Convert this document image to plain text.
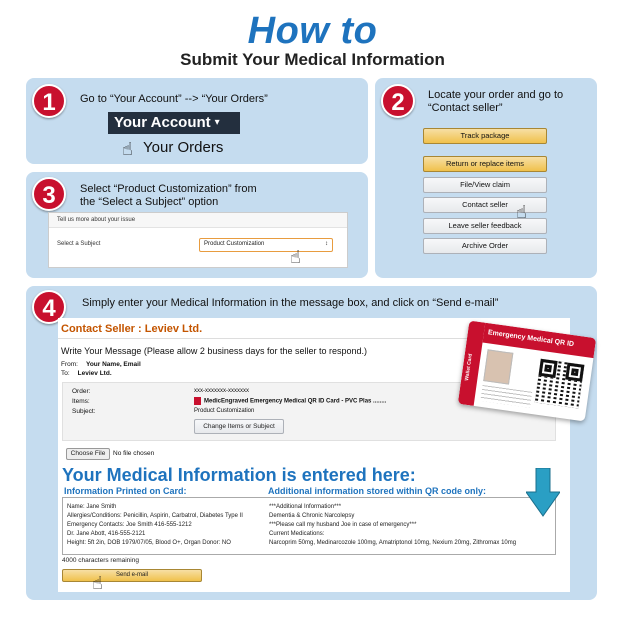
How to
Submit Your Medical Information
1	Go to “Your Account” --> “Your Orders”
Your Account ▾
☝ Your Orders
3	Select “Product Customization” from
the “Select a Subject” option
Tell us more about your issue
Select a Subject	Product Customization	↕
☝
2	Locate your order and go to
“Contact seller”
Track package
Return or replace items
File/View claim
Contact seller
Leave seller feedback
Archive Order
☝
4	Simply enter your Medical Information in the message box, and click on “Send e-mail”
Contact Seller : Leviev Ltd.
Write Your Message (Please allow 2 business days for the seller to respond.)
From: Your Name, Email
To: Leviev Ltd.
Order:	xxx-xxxxxxx-xxxxxxx
Items:	MedicEngraved Emergency Medical QR ID Card - PVC Plas ........
Subject:	Product Customization
Change Items or Subject
Choose File	No file chosen
Your Medical Information is entered here:
Information Printed on Card:	Additional information stored within QR code only:
Name: Jane Smith
Allergies/Conditions: Penicillin, Aspirin, Carbatrol, Diabetes Type II
Emergency Contacts: Joe Smith 416-555-1212
Dr. Jane Abott, 416-555-2121
Height: 5ft 2in, DOB 1979/07/05, Blood O+, Organ Donor: NO
***Additional Information***
Dementia & Chronic Narcolepsy
***Please call my husband Joe in case of emergency***
Current Medications:
Narcoprim 50mg, Medinarcozole 100mg, Amatriptonol 10mg, Nexium 20mg, Zithromax 10mg
4000 characters remaining
Send e-mail
☝
Wallet Card
Emergency Medical QR ID
